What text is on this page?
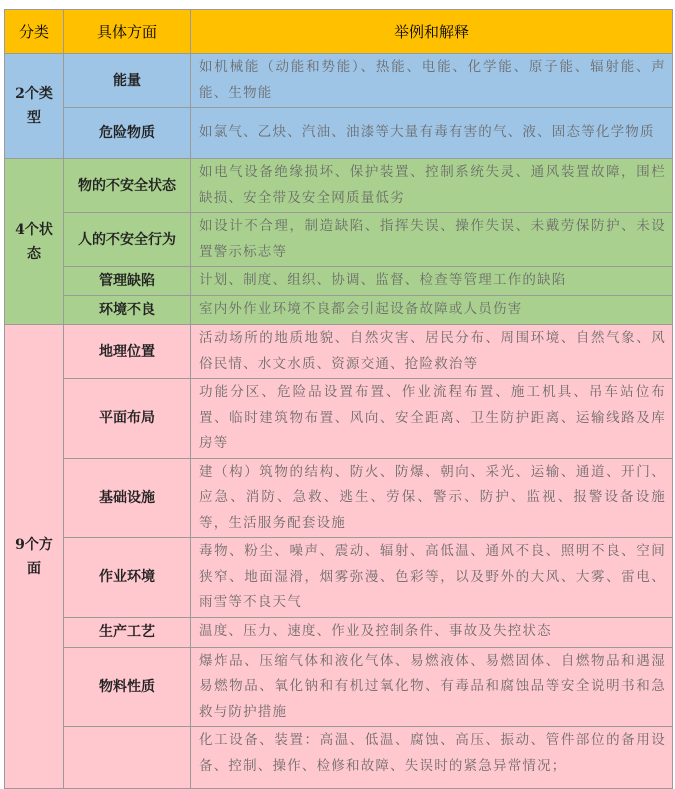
分类	具体方面	举例和解释
2个类型	能量	如机械能（动能和势能）、热能、电能、化学能、原子能、辐射能、声能、生物能
	危险物质	如氯气、乙炔、汽油、油漆等大量有毒有害的气、液、固态等化学物质
4个状态	物的不安全状态	如电气设备绝缘损坏、保护装置、控制系统失灵、通风装置故障，围栏缺损、安全带及安全网质量低劣
	人的不安全行为	如设计不合理，制造缺陷、指挥失误、操作失误、未戴劳保防护、未设置警示标志等
	管理缺陷	计划、制度、组织、协调、监督、检查等管理工作的缺陷
	环境不良	室内外作业环境不良都会引起设备故障或人员伤害
9个方面	地理位置	活动场所的地质地貌、自然灾害、居民分布、周围环境、自然气象、风俗民情、水文水质、资源交通、抢险救治等
	平面布局	功能分区、危险品设置布置、作业流程布置、施工机具、吊车站位布置、临时建筑物布置、风向、安全距离、卫生防护距离、运输线路及库房等
	基础设施	建（构）筑物的结构、防火、防爆、朝向、采光、运输、通道、开门、应急、消防、急救、逃生、劳保、警示、防护、监视、报警设备设施等，生活服务配套设施
	作业环境	毒物、粉尘、噪声、震动、辐射、高低温、通风不良、照明不良、空间狭窄、地面湿滑，烟雾弥漫、色彩等，以及野外的大风、大雾、雷电、雨雪等不良天气
	生产工艺	温度、压力、速度、作业及控制条件、事故及失控状态
	物料性质	爆炸品、压缩气体和液化气体、易燃液体、易燃固体、自燃物品和遇湿易燃物品、氧化钠和有机过氧化物、有毒品和腐蚀品等安全说明书和急救与防护措施
		化工设备、装置：高温、低温、腐蚀、高压、振动、管件部位的备用设备、控制、操作、检修和故障、失误时的紧急异常情况；
